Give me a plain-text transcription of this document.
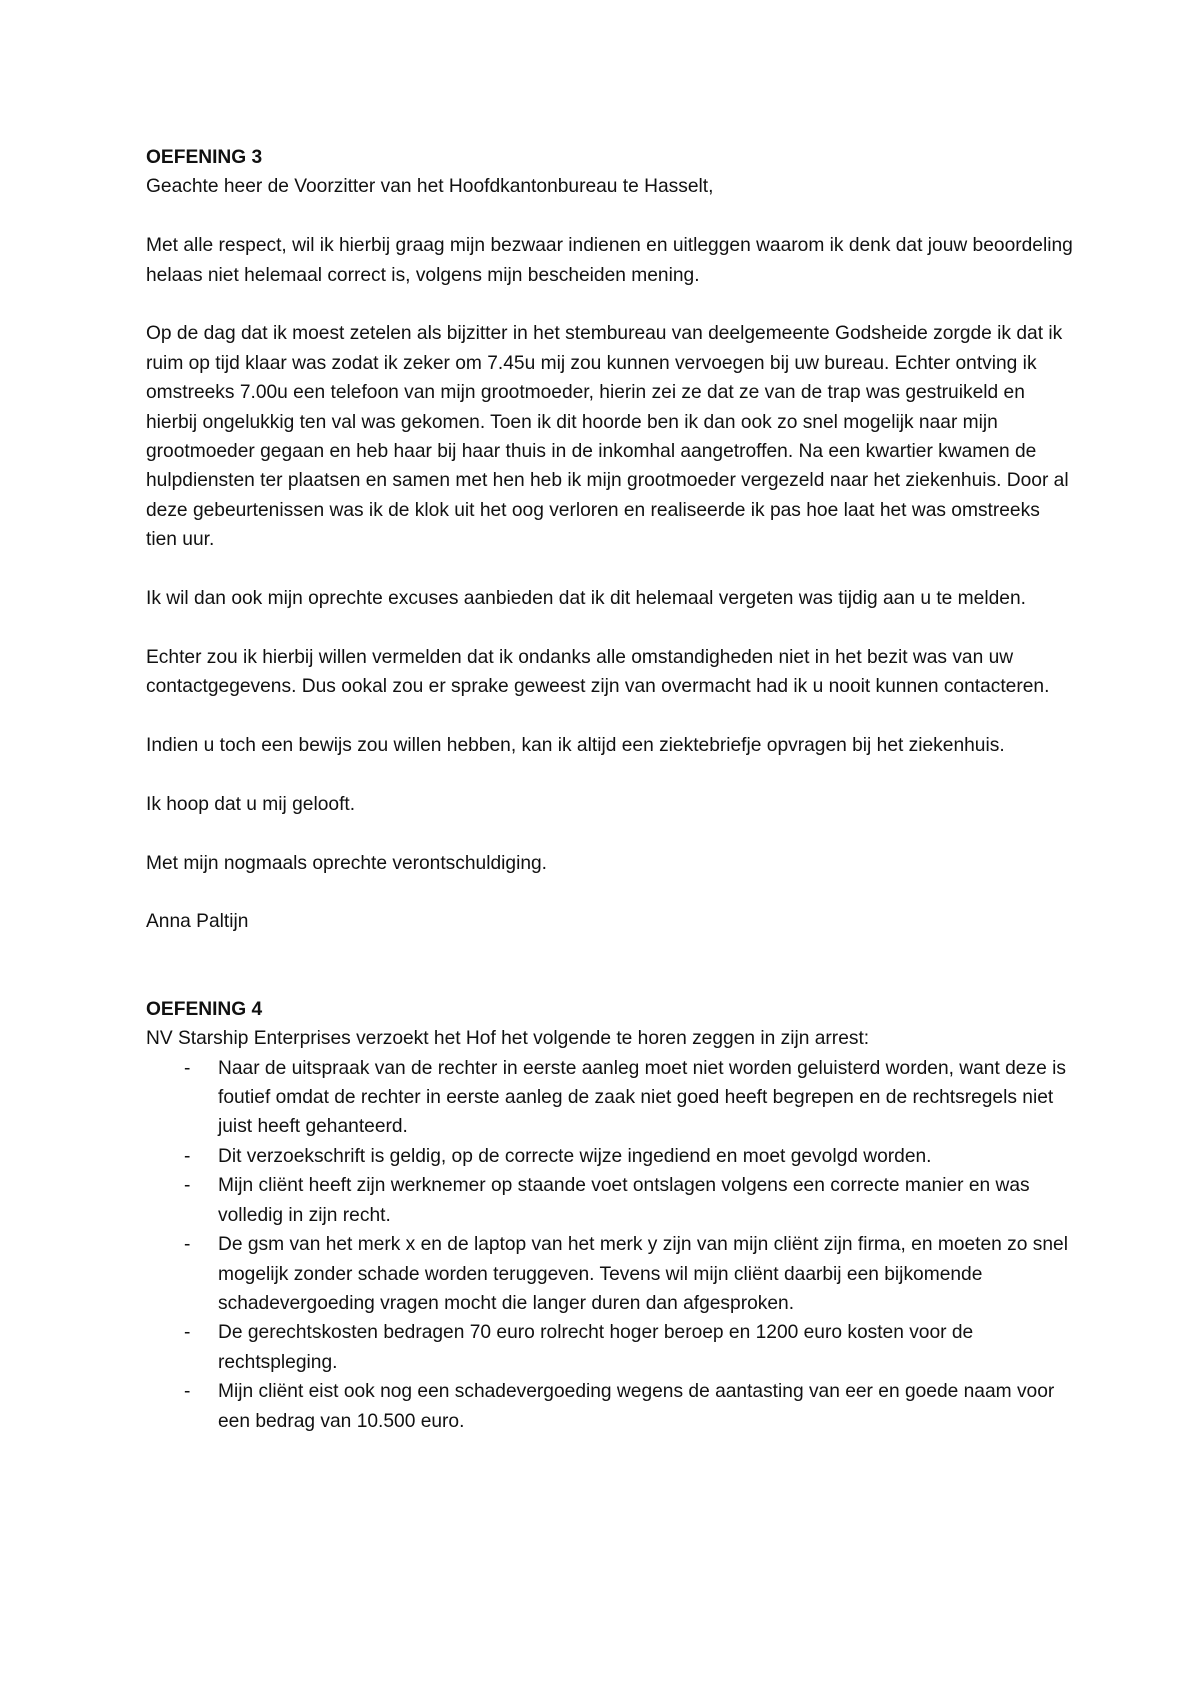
OEFENING 3

Geachte heer de Voorzitter van het Hoofdkantonbureau te Hasselt,

Met alle respect, wil ik hierbij graag mijn bezwaar indienen en uitleggen waarom ik denk dat jouw beoordeling helaas niet helemaal correct is, volgens mijn bescheiden mening.

Op de dag dat ik moest zetelen als bijzitter in het stembureau van deelgemeente Godsheide zorgde ik dat ik ruim op tijd klaar was zodat ik zeker om 7.45u mij zou kunnen vervoegen bij uw bureau. Echter ontving ik omstreeks 7.00u een telefoon van mijn grootmoeder, hierin zei ze dat ze van de trap was gestruikeld en hierbij ongelukkig ten val was gekomen. Toen ik dit hoorde ben ik dan ook zo snel mogelijk naar mijn grootmoeder gegaan en heb haar bij haar thuis in de inkomhal aangetroffen. Na een kwartier kwamen de hulpdiensten ter plaatsen en samen met hen heb ik mijn grootmoeder vergezeld naar het ziekenhuis. Door al deze gebeurtenissen was ik de klok uit het oog verloren en realiseerde ik pas hoe laat het was omstreeks tien uur.

Ik wil dan ook mijn oprechte excuses aanbieden dat ik dit helemaal vergeten was tijdig aan u te melden.

Echter zou ik hierbij willen vermelden dat ik ondanks alle omstandigheden niet in het bezit was van uw contactgegevens. Dus ookal zou er sprake geweest zijn van overmacht had ik u nooit kunnen contacteren.

Indien u toch een bewijs zou willen hebben, kan ik altijd een ziektebriefje opvragen bij het ziekenhuis.

Ik hoop dat u mij gelooft.

Met mijn nogmaals oprechte verontschuldiging.

Anna Paltijn

OEFENING 4
NV Starship Enterprises verzoekt het Hof het volgende te horen zeggen in zijn arrest:
- Naar de uitspraak van de rechter in eerste aanleg moet niet worden geluisterd worden, want deze is foutief omdat de rechter in eerste aanleg de zaak niet goed heeft begrepen en de rechtsregels niet juist heeft gehanteerd.
- Dit verzoekschrift is geldig, op de correcte wijze ingediend en moet gevolgd worden.
- Mijn cliënt heeft zijn werknemer op staande voet ontslagen volgens een correcte manier en was volledig in zijn recht.
- De gsm van het merk x en de laptop van het merk y zijn van mijn cliënt zijn firma, en moeten zo snel mogelijk zonder schade worden teruggeven. Tevens wil mijn cliënt daarbij een bijkomende schadevergoeding vragen mocht die langer duren dan afgesproken.
- De gerechtskosten bedragen 70 euro rolrecht hoger beroep en 1200 euro kosten voor de rechtspleging.
- Mijn cliënt eist ook nog een schadevergoeding wegens de aantasting van eer en goede naam voor een bedrag van 10.500 euro.
